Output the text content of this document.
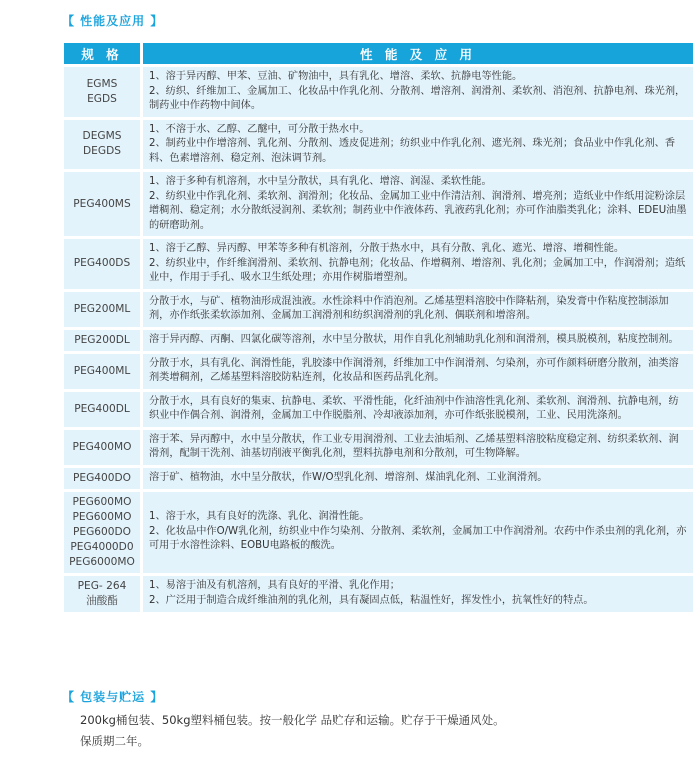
【 性能及应用 】
规 格	性 能 及 应 用

EGMS
EGDS	1、溶于异丙醇、甲苯、豆油、矿物油中，具有乳化、增溶、柔软、抗静电等性能。
2、纺织、纤维加工、金属加工、化妆品中作乳化剂、分散剂、增溶剂、润滑剂、柔软剂、消泡剂、抗静电剂、珠光剂，制药业中作药物中间体。

DEGMS
DEGDS	1、不溶于水、乙醇、乙醚中，可分散于热水中。
2、制药业中作增溶剂、乳化剂、分散剂、透皮促进剂；纺织业中作乳化剂、遮光剂、珠光剂；食品业中作乳化剂、香料、色素增溶剂、稳定剂、泡沫调节剂。

PEG400MS	1、溶于多种有机溶剂，水中呈分散状，具有乳化、增溶、润湿、柔软性能。
2、纺织业中作乳化剂、柔软剂、润滑剂；化妆品、金属加工业中作清洁剂、润滑剂、增亮剂；造纸业中作纸用淀粉涂层增稠剂、稳定剂；水分散纸浸润剂、柔软剂；制药业中作液体药、乳液药乳化剂；亦可作油脂类乳化；涂料、EDEU油墨的研磨助剂。

PEG400DS	1、溶于乙醇、异丙醇、甲苯等多种有机溶剂，分散于热水中，具有分散、乳化、遮光、增溶、增稠性能。
2、纺织业中，作纤维润滑剂、柔软剂、抗静电剂；化妆品、作增稠剂、增溶剂、乳化剂；金属加工中，作润滑剂；造纸业中，作用于手孔、吸水卫生纸处理；亦用作树脂增塑剂。

PEG200ML	分散于水，与矿、植物油形成混浊液。水性涂料中作消泡剂。乙烯基塑料溶胶中作降粘剂，染发膏中作粘度控制添加剂，亦作纸张柔软添加剂、金属加工润滑剂和纺织润滑剂的乳化剂、偶联剂和增溶剂。

PEG200DL	溶于异丙醇、丙酮、四氯化碳等溶剂，水中呈分散状，用作自乳化剂辅助乳化剂和润滑剂，模具脱模剂，粘度控制剂。

PEG400ML	分散于水，具有乳化、润滑性能，乳胶漆中作润滑剂，纤维加工中作润滑剂、匀染剂，亦可作颜料研磨分散剂，油类溶剂类增稠剂，乙烯基塑料溶胶防粘连剂，化妆品和医药品乳化剂。

PEG400DL	分散于水，具有良好的集束、抗静电、柔软、平滑性能，化纤油剂中作油溶性乳化剂、柔软剂、润滑剂、抗静电剂，纺织业中作偶合剂、润滑剂，金属加工中作脱脂剂、冷却液添加剂，亦可作纸张脱模剂，工业、民用洗涤剂。

PEG400MO	溶于苯、异丙醇中，水中呈分散状，作工业专用润滑剂、工业去油垢剂、乙烯基塑料溶胶粘度稳定剂、纺织柔软剂、润滑剂，配制干洗剂、油基切削液平衡乳化剂，塑料抗静电剂和分散剂，可生物降解。

PEG400DO	溶于矿、植物油，水中呈分散状，作W/O型乳化剂、增溶剂、煤油乳化剂、工业润滑剂。

PEG600MO
PEG600MO
PEG600DO
PEG4000D0
PEG6000MO	1、溶于水，具有良好的洗涤、乳化、润滑性能。
2、化妆品中作O/W乳化剂，纺织业中作匀染剂、分散剂、柔软剂，金属加工中作润滑剂。农药中作杀虫剂的乳化剂，亦可用于水溶性涂料、EOBU电路板的酸洗。

PEG- 264
油酸酯	1、易溶于油及有机溶剂，具有良好的平滑、乳化作用；
2、广泛用于制造合成纤维油剂的乳化剂，具有凝固点低，粘温性好，挥发性小，抗氧性好的特点。
【 包装与贮运 】
200kg桶包装、50kg塑料桶包装。按一般化学 品贮存和运输。贮存于干燥通风处。
保质期二年。
